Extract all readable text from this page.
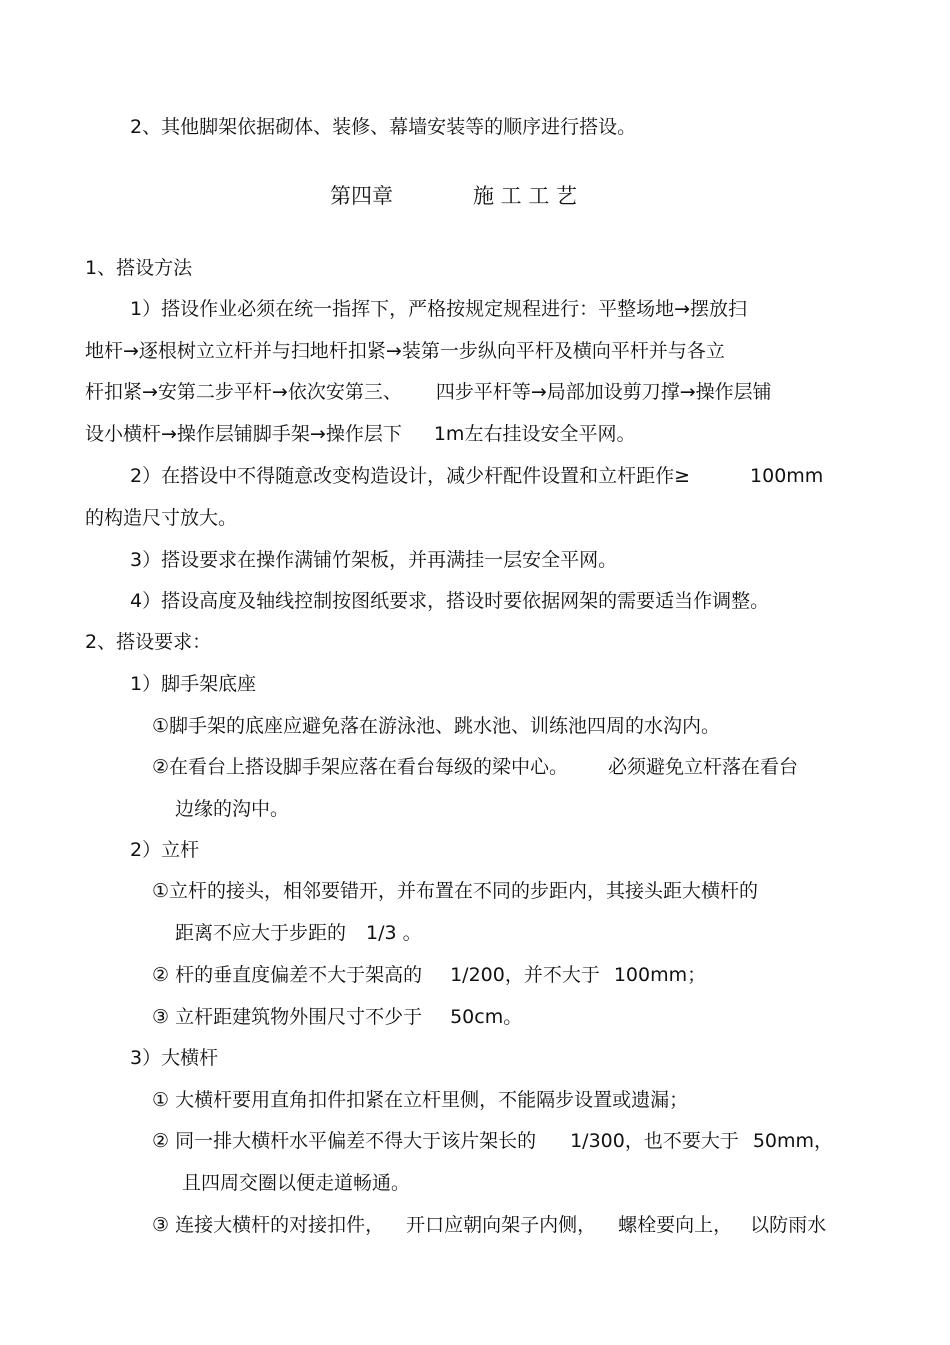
2、其他脚架依据砌体、装修、幕墙安装等的顺序进行搭设。
第四章	施 工 工 艺
1、搭设方法
1）搭设作业必须在统一指挥下，严格按规定规程进行：平整场地→摆放扫
地杆→逐根树立立杆并与扫地杆扣紧→装第一步纵向平杆及横向平杆并与各立
杆扣紧→安第二步平杆→依次安第三、 四步平杆等→局部加设剪刀撑→操作层铺
设小横杆→操作层铺脚手架→操作层下 1m左右挂设安全平网。
2）在搭设中不得随意改变构造设计，减少杆配件设置和立杆距作≥	100mm
的构造尺寸放大。
3）搭设要求在操作满铺竹架板，并再满挂一层安全平网。
4）搭设高度及轴线控制按图纸要求，搭设时要依据网架的需要适当作调整。
2、搭设要求：
1）脚手架底座
①脚手架的底座应避免落在游泳池、跳水池、训练池四周的水沟内。
②在看台上搭设脚手架应落在看台每级的梁中心。 必须避免立杆落在看台
边缘的沟中。
2）立杆
①立杆的接头，相邻要错开，并布置在不同的步距内，其接头距大横杆的
距离不应大于步距的 1/3 。
② 杆的垂直度偏差不大于架高的 1/200，并不大于 100mm；
③ 立杆距建筑物外围尺寸不少于 50cm。
3）大横杆
① 大横杆要用直角扣件扣紧在立杆里侧，不能隔步设置或遗漏；
② 同一排大横杆水平偏差不得大于该片架长的 1/300，也不要大于 50mm，
且四周交圈以便走道畅通。
③ 连接大横杆的对接扣件， 开口应朝向架子内侧， 螺栓要向上， 以防雨水
